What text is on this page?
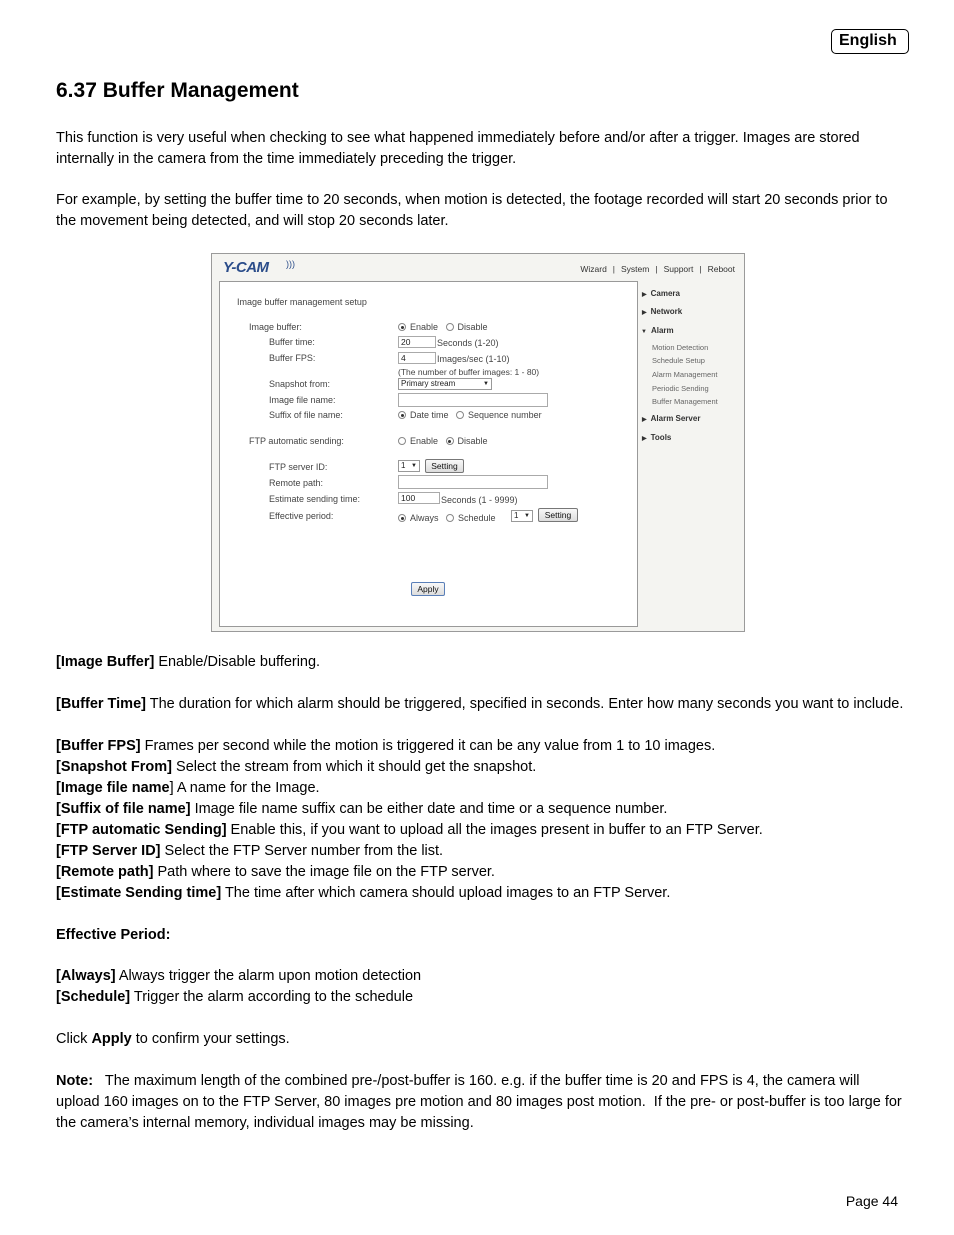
English
6.37 Buffer Management

This function is very useful when checking to see what happened immediately before and/or after a trigger. Images are stored internally in the camera from the time immediately preceding the trigger.

For example, by setting the buffer time to 20 seconds, when motion is detected, the footage recorded will start 20 seconds prior to the movement being detected, and will stop 20 seconds later.

Y-CAM )))	Wizard | System | Support | Reboot
Image buffer management setup
Image buffer:	Enable Disable
Buffer time:	20	Seconds (1-20)
Buffer FPS:	4	Images/sec (1-10)
(The number of buffer images: 1 - 80)
Snapshot from:	Primary stream	▼
Image file name:
Suffix of file name:	Date time Sequence number
FTP automatic sending:	Enable Disable
FTP server ID:	1 ▼	Setting
Remote path:
Estimate sending time:	100	Seconds (1 - 9999)
Effective period:	Always Schedule	1 ▼	Setting
Apply
▶ Camera
▶ Network
▼ Alarm
Motion Detection
Schedule Setup
Alarm Management
Periodic Sending
Buffer Management
▶ Alarm Server
▶ Tools

[Image Buffer] Enable/Disable buffering.

[Buffer Time] The duration for which alarm should be triggered, specified in seconds. Enter how many seconds you want to include.

[Buffer FPS] Frames per second while the motion is triggered it can be any value from 1 to 10 images.

[Snapshot From] Select the stream from which it should get the snapshot.

[Image file name] A name for the Image.

[Suffix of file name] Image file name suffix can be either date and time or a sequence number.

[FTP automatic Sending] Enable this, if you want to upload all the images present in buffer to an FTP Server.

[FTP Server ID] Select the FTP Server number from the list.

[Remote path] Path where to save the image file on the FTP server.

[Estimate Sending time] The time after which camera should upload images to an FTP Server.

Effective Period:

[Always] Always trigger the alarm upon motion detection

[Schedule] Trigger the alarm according to the schedule

Click Apply to confirm your settings.

Note:   The maximum length of the combined pre-/post-buffer is 160. e.g. if the buffer time is 20 and FPS is 4, the camera will upload 160 images on to the FTP Server, 80 images pre motion and 80 images post motion.  If the pre- or post-buffer is too large for the camera’s internal memory, individual images may be missing.

Page 44
